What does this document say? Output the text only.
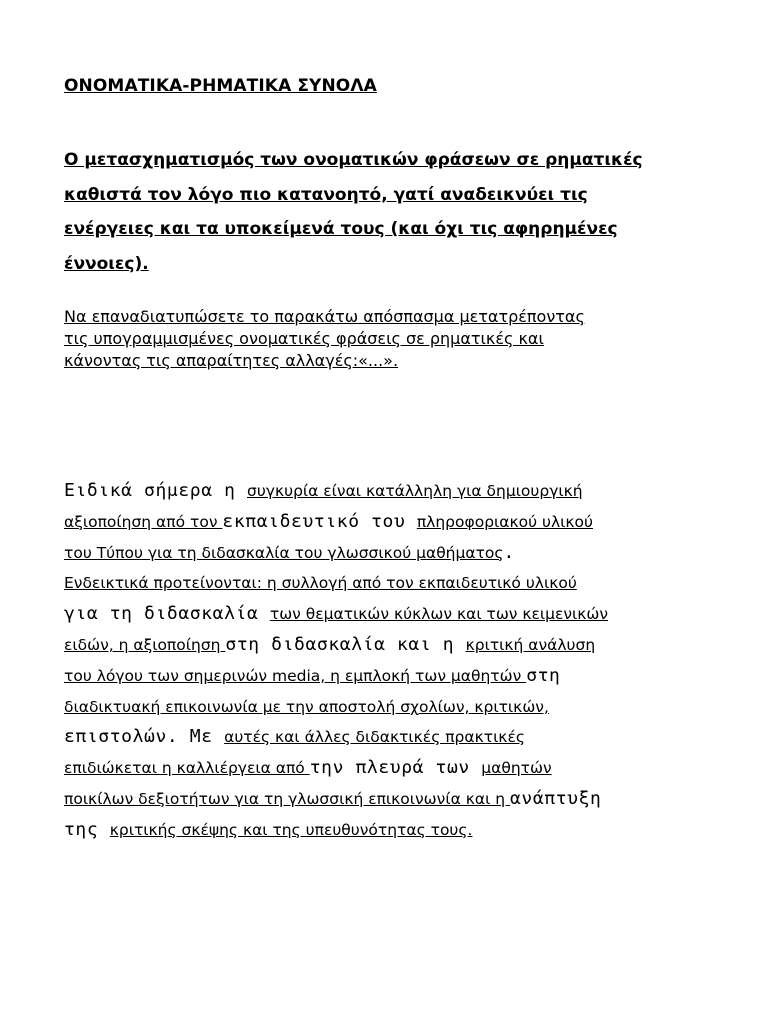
ΟΝΟΜΑΤΙΚΑ-ΡΗΜΑΤΙΚΑ ΣΥΝΟΛΑ
Ο μετασχηματισμός των ονοματικών φράσεων σε ρηματικές
καθιστά τον λόγο πιο κατανοητό, γατί αναδεικνύει τις
ενέργειες και τα υποκείμενά τους (και όχι τις αφηρημένες
έννοιες).
Να επαναδιατυπώσετε το παρακάτω απόσπασμα μετατρέποντας
τις υπογραμμισμένες ονοματικές φράσεις σε ρηματικές και
κάνοντας τις απαραίτητες αλλαγές:«...».
Ειδικά σήμερα η συγκυρία είναι κατάλληλη για δημιουργική
αξιοποίηση από τον εκπαιδευτικό του πληροφοριακού υλικού
του Τύπου για τη διδασκαλία του γλωσσικού μαθήματος.
Ενδεικτικά προτείνονται: η συλλογή από τον εκπαιδευτικό υλικού
για τη διδασκαλία των θεματικών κύκλων και των κειμενικών
ειδών, η αξιοποίηση στη διδασκαλία και η κριτική ανάλυση
του λόγου των σημερινών media, η εμπλοκή των μαθητών στη
διαδικτυακή επικοινωνία με την αποστολή σχολίων, κριτικών,
επιστολών. Με αυτές και άλλες διδακτικές πρακτικές
επιδιώκεται η καλλιέργεια από την πλευρά των μαθητών
ποικίλων δεξιοτήτων για τη γλωσσική επικοινωνία και η ανάπτυξη
της κριτικής σκέψης και της υπευθυνότητας τους.
